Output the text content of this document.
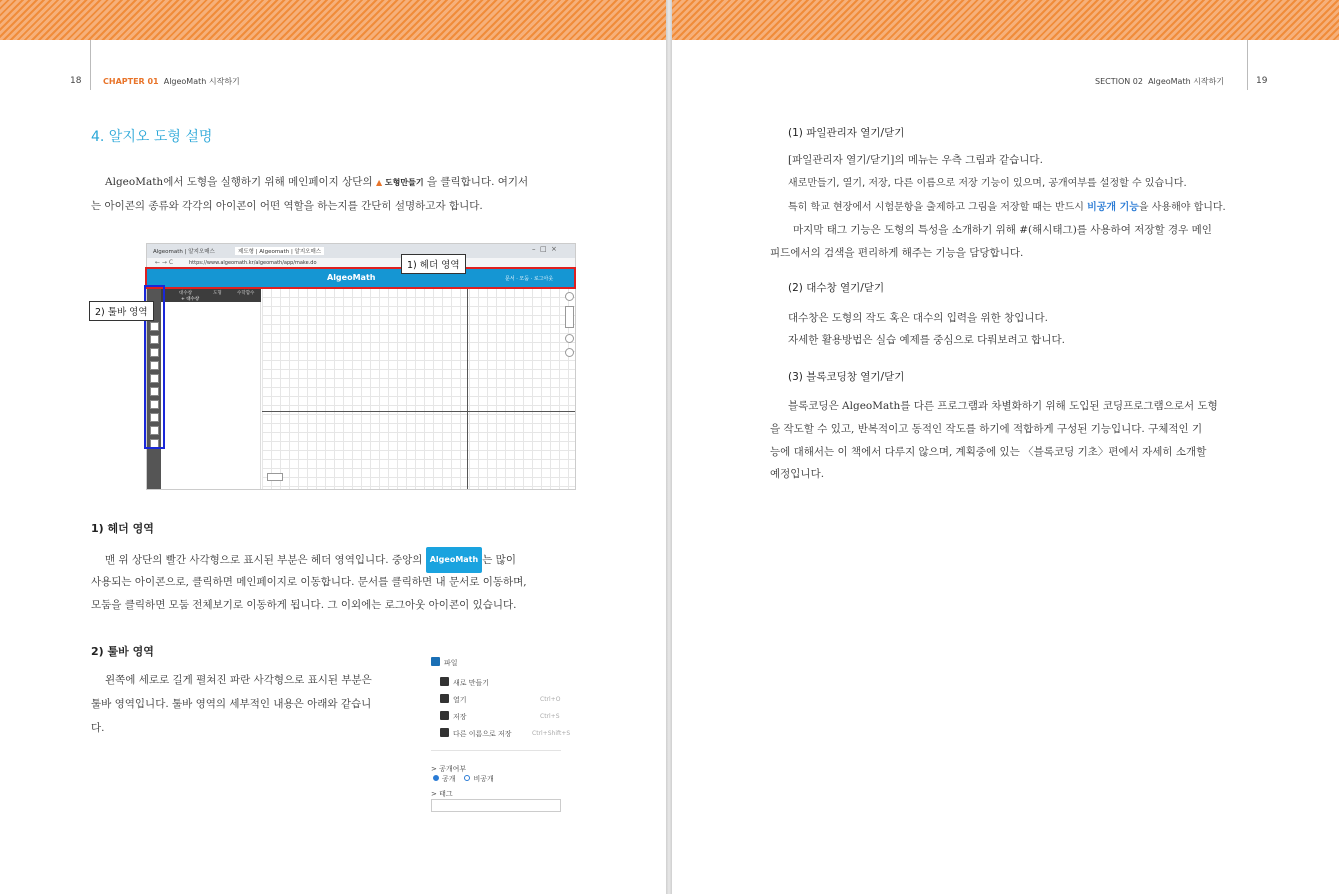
18	CHAPTER 01 AlgeoMath 시작하기
4. 알지오 도형 설명
AlgeoMath에서 도형을 실행하기 위해 메인페이지 상단의 ▲ 도형만들기 을 클릭합니다. 여기서
는 아이콘의 종류와 각각의 아이콘이 어떤 역할을 하는지를 간단히 설명하고자 합니다.
Algeomath | 알지오매스	제도형 | Algeomath | 알지오매스	–  □  ×
← → C	https://www.algeomath.kr/algeomath/app/make.do
AlgeoMath	문서 · 모둠 · 로그아웃
대수창	도형	수학함수
+ 대수창
1) 헤더 영역
2) 툴바 영역
1) 헤더 영역
맨 위 상단의 빨간 사각형으로 표시된 부분은 헤더 영역입니다. 중앙의 AlgeoMath 는 많이
사용되는 아이콘으로, 클릭하면 메인페이지로 이동합니다. 문서를 클릭하면 내 문서로 이동하며,
모둠을 클릭하면 모둠 전체보기로 이동하게 됩니다. 그 이외에는 로그아웃 아이콘이 있습니다.
2) 툴바 영역
왼쪽에 세로로 길게 펼쳐진 파란 사각형으로 표시된 부분은
툴바 영역입니다. 툴바 영역의 세부적인 내용은 아래와 같습니
다.
파일
새로 만들기
열기	Ctrl+O
저장	Ctrl+S
다른 이름으로 저장	Ctrl+Shift+S
> 공개여부
공개	비공개
> 태그
SECTION 02 AlgeoMath 시작하기	19
(1) 파일관리자 열기/닫기
[파일관리자 열기/닫기]의 메뉴는 우측 그림과 같습니다.
새로만들기, 열기, 저장, 다른 이름으로 저장 기능이 있으며, 공개여부를 설정할 수 있습니다.
특히 학교 현장에서 시험문항을 출제하고 그림을 저장할 때는 반드시 비공개 기능을 사용해야 합니다.
마지막 태그 기능은 도형의 특성을 소개하기 위해 #(해시태그)를 사용하여 저장할 경우 메인
피드에서의 검색을 편리하게 해주는 기능을 담당합니다.
(2) 대수창 열기/닫기
대수창은 도형의 작도 혹은 대수의 입력을 위한 창입니다.
자세한 활용방법은 실습 예제를 중심으로 다뤄보려고 합니다.
(3) 블록코딩창 열기/닫기
블록코딩은 AlgeoMath를 다른 프로그램과 차별화하기 위해 도입된 코딩프로그램으로서 도형
을 작도할 수 있고, 반복적이고 동적인 작도를 하기에 적합하게 구성된 기능입니다. 구체적인 기
능에 대해서는 이 책에서 다루지 않으며, 계획중에 있는 〈블록코딩 기초〉편에서 자세히 소개할
예정입니다.
